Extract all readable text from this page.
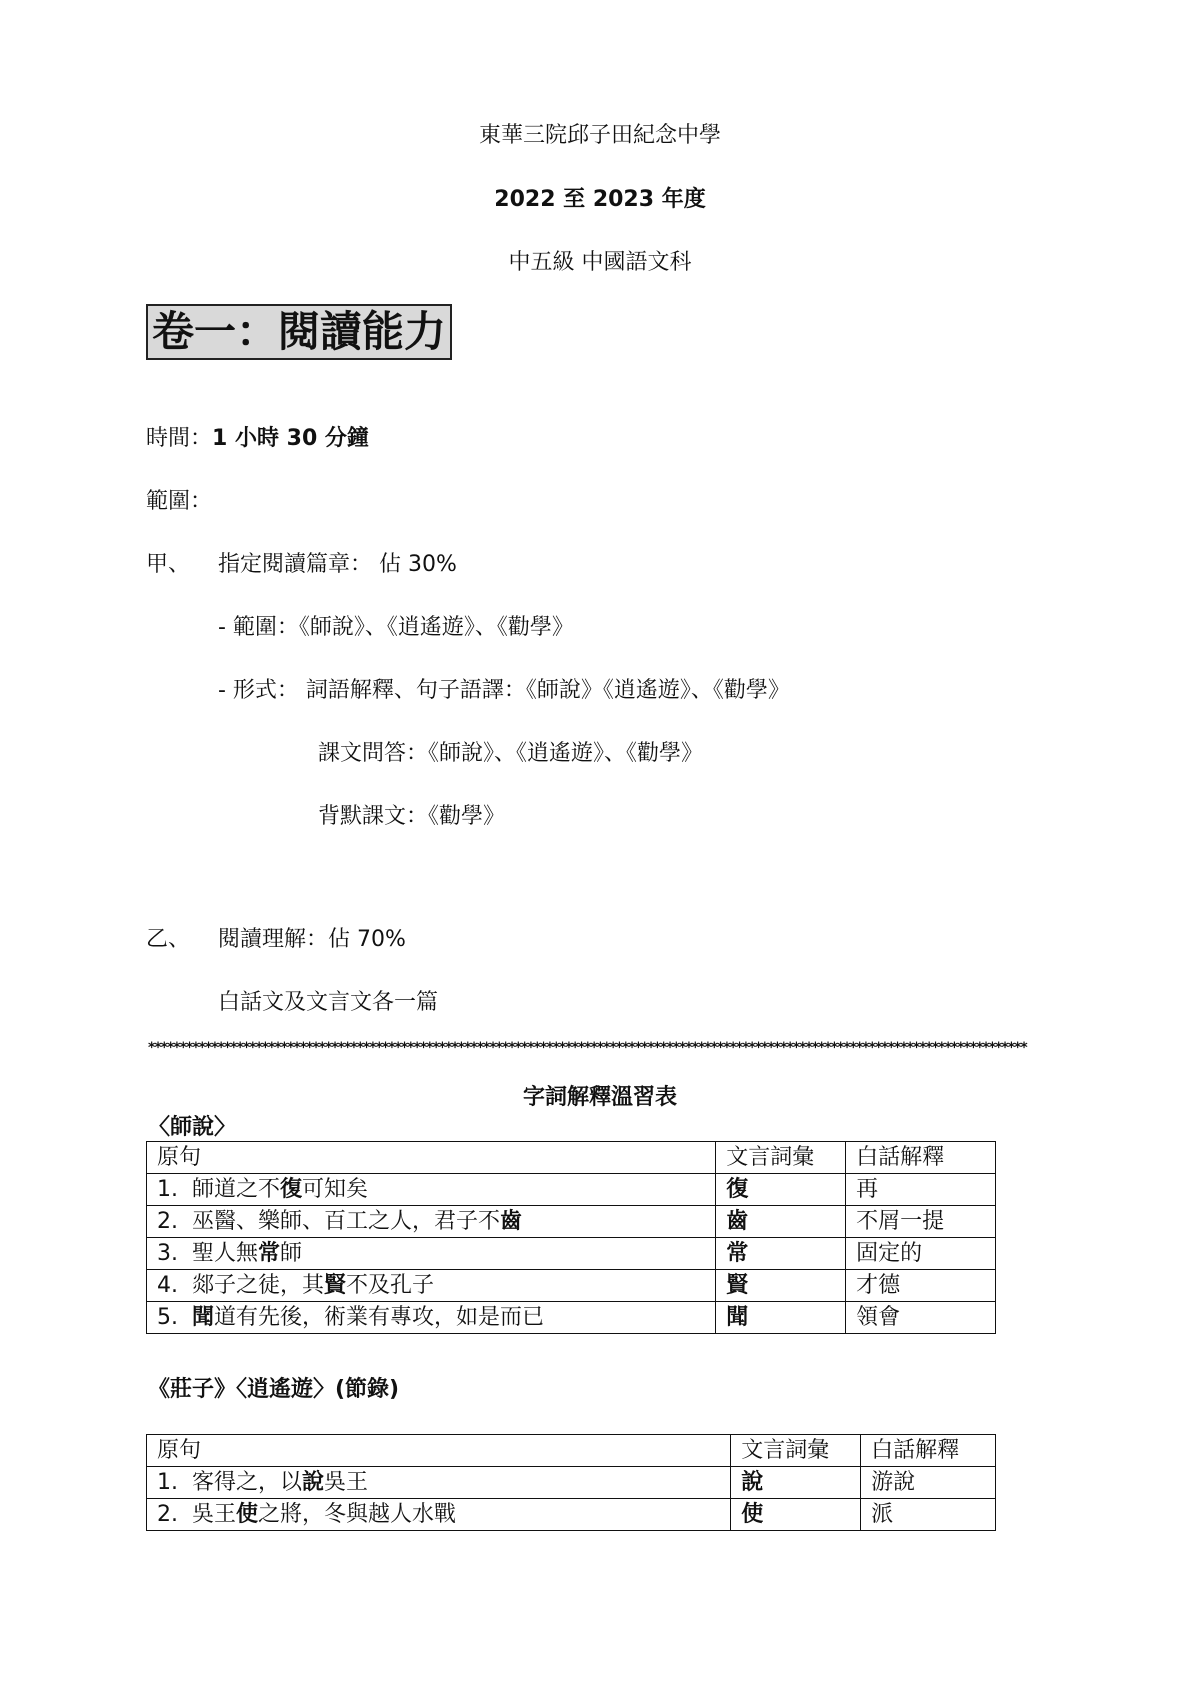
東華三院邱子田紀念中學
2022 至 2023 年度
中五級 中國語文科
卷一：閱讀能力
時間：1 小時 30 分鐘
範圍：
甲、 指定閱讀篇章： 佔 30%
- 範圍：《師說》、《逍遙遊》、《勸學》
- 形式： 詞語解釋、句子語譯：《師說》《逍遙遊》、《勸學》
課文問答：《師說》、《逍遙遊》、《勸學》
背默課文：《勸學》
乙、 閱讀理解：佔 70%
白話文及文言文各一篇
*******************************************************************************************************************************************
字詞解釋溫習表
〈師說〉
原句	文言詞彙	白話解釋
1. 師道之不復可知矣	復	再
2. 巫醫、樂師、百工之人，君子不齒	齒	不屑一提
3. 聖人無常師	常	固定的
4. 郯子之徒，其賢不及孔子	賢	才德
5. 聞道有先後，術業有專攻，如是而已	聞	領會
《莊子》〈逍遙遊〉(節錄)
原句	文言詞彙	白話解釋
1. 客得之，以說吳王	說	游說
2. 吳王使之將，冬與越人水戰	使	派
